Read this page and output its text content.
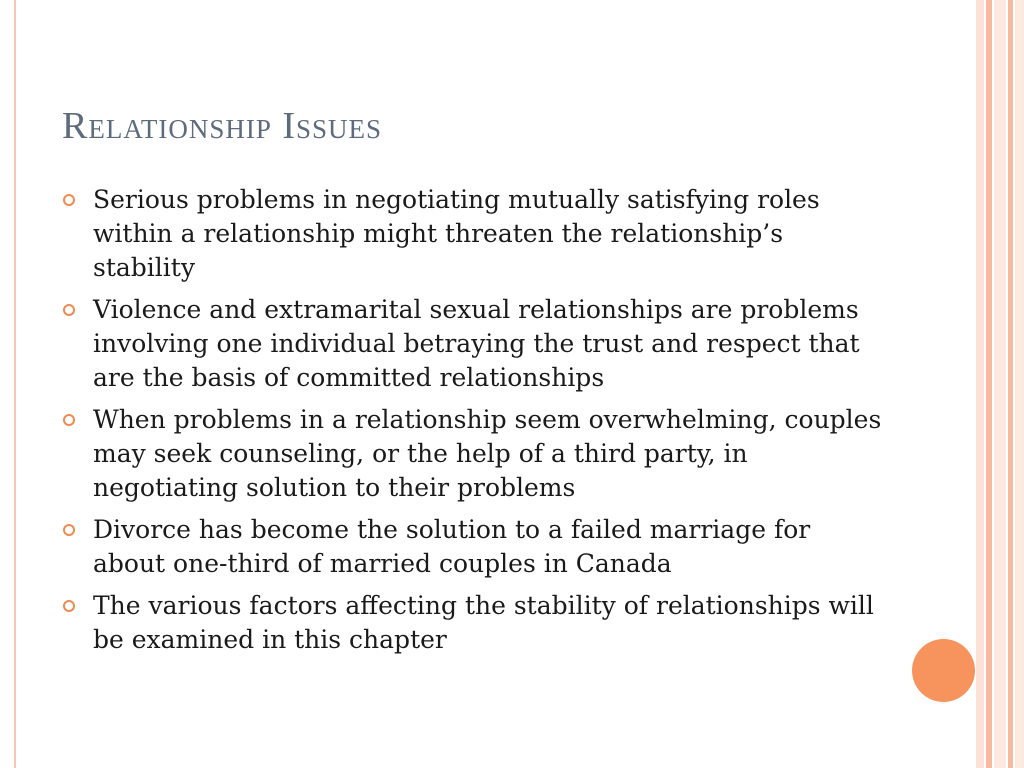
Relationship Issues
Serious problems in negotiating mutually satisfying roles within a relationship might threaten the relationship’s stability
Violence and extramarital sexual relationships are problems involving one individual betraying the trust and respect that are the basis of committed relationships
When problems in a relationship seem overwhelming, couples may seek counseling, or the help of a third party, in negotiating solution to their problems
Divorce has become the solution to a failed marriage for about one-third of married couples in Canada
The various factors affecting the stability of relationships will be examined in this chapter
